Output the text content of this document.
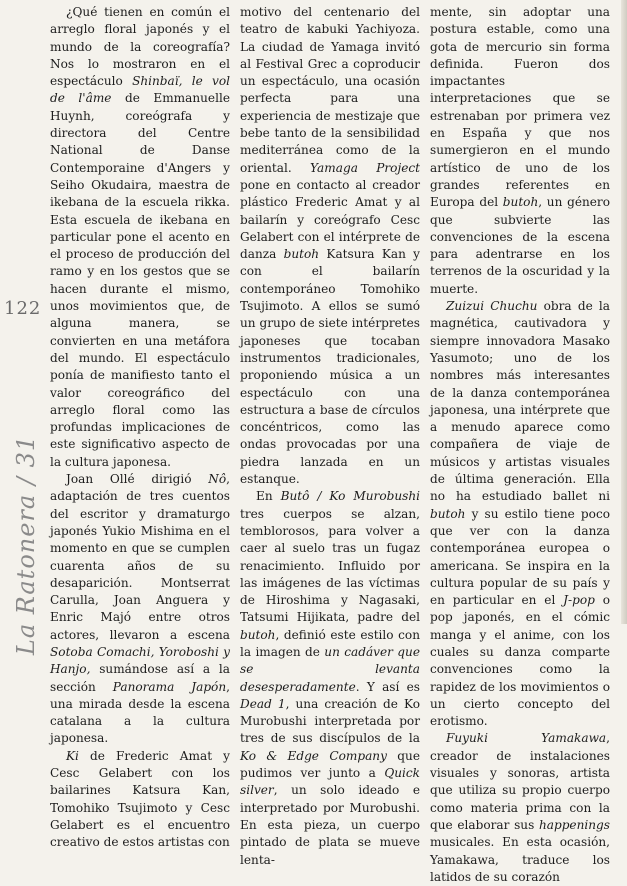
122
La Ratonera / 31

¿Qué tienen en común el arreglo floral japonés y el mundo de la coreografía? Nos lo mostraron en el espectáculo Shinbaï, le vol de l'âme de Emmanuelle Huynh, coreógrafa y directora del Centre National de Danse Contemporaine d'Angers y Seiho Okudaira, maestra de ikebana de la escuela rikka. Esta escuela de ikebana en particular pone el acento en el proceso de producción del ramo y en los gestos que se hacen durante el mismo, unos movimientos que, de alguna manera, se convierten en una metáfora del mundo. El espectáculo ponía de manifiesto tanto el valor coreográfico del arreglo floral como las profundas implicaciones de este significativo aspecto de la cultura japonesa.

Joan Ollé dirigió Nô, adaptación de tres cuentos del escritor y dramaturgo japonés Yukio Mishima en el momento en que se cumplen cuarenta años de su desaparición. Montserrat Carulla, Joan Anguera y Enric Majó entre otros actores, llevaron a escena Sotoba Comachi, Yoroboshi y Hanjo, sumándose así a la sección Panorama Japón, una mirada desde la escena catalana a la cultura japonesa.

Ki de Frederic Amat y Cesc Gelabert con los bailarines Katsura Kan, Tomohiko Tsujimoto y Cesc Gelabert es el encuentro creativo de estos artistas con

motivo del centenario del teatro de kabuki Yachiyoza. La ciudad de Yamaga invitó al Festival Grec a coproducir un espectáculo, una ocasión perfecta para una experiencia de mestizaje que bebe tanto de la sensibilidad mediterránea como de la oriental. Yamaga Project pone en contacto al creador plástico Frederic Amat y al bailarín y coreógrafo Cesc Gelabert con el intérprete de danza butoh Katsura Kan y con el bailarín contemporáneo Tomohiko Tsujimoto. A ellos se sumó un grupo de siete intérpretes japoneses que tocaban instrumentos tradicionales, proponiendo música a un espectáculo con una estructura a base de círculos concéntricos, como las ondas provocadas por una piedra lanzada en un estanque.

En Butô / Ko Murobushi tres cuerpos se alzan, temblorosos, para volver a caer al suelo tras un fugaz renacimiento. Influido por las imágenes de las víctimas de Hiroshima y Nagasaki, Tatsumi Hijikata, padre del butoh, definió este estilo con la imagen de un cadáver que se levanta desesperadamente. Y así es Dead 1, una creación de Ko Murobushi interpretada por tres de sus discípulos de la Ko & Edge Company que pudimos ver junto a Quick silver, un solo ideado e interpretado por Murobushi. En esta pieza, un cuerpo pintado de plata se mueve lenta-

mente, sin adoptar una postura estable, como una gota de mercurio sin forma definida. Fueron dos impactantes interpretaciones que se estrenaban por primera vez en España y que nos sumergieron en el mundo artístico de uno de los grandes referentes en Europa del butoh, un género que subvierte las convenciones de la escena para adentrarse en los terrenos de la oscuridad y la muerte.

Zuizui Chuchu obra de la magnética, cautivadora y siempre innovadora Masako Yasumoto; uno de los nombres más interesantes de la danza contemporánea japonesa, una intérprete que a menudo aparece como compañera de viaje de músicos y artistas visuales de última generación. Ella no ha estudiado ballet ni butoh y su estilo tiene poco que ver con la danza contemporánea europea o americana. Se inspira en la cultura popular de su país y en particular en el J-pop o pop japonés, en el cómic manga y el anime, con los cuales su danza comparte convenciones como la rapidez de los movimientos o un cierto concepto del erotismo.

Fuyuki Yamakawa, creador de instalaciones visuales y sonoras, artista que utiliza su propio cuerpo como materia prima con la que elaborar sus happenings musicales. En esta ocasión, Yamakawa, traduce los latidos de su corazón
